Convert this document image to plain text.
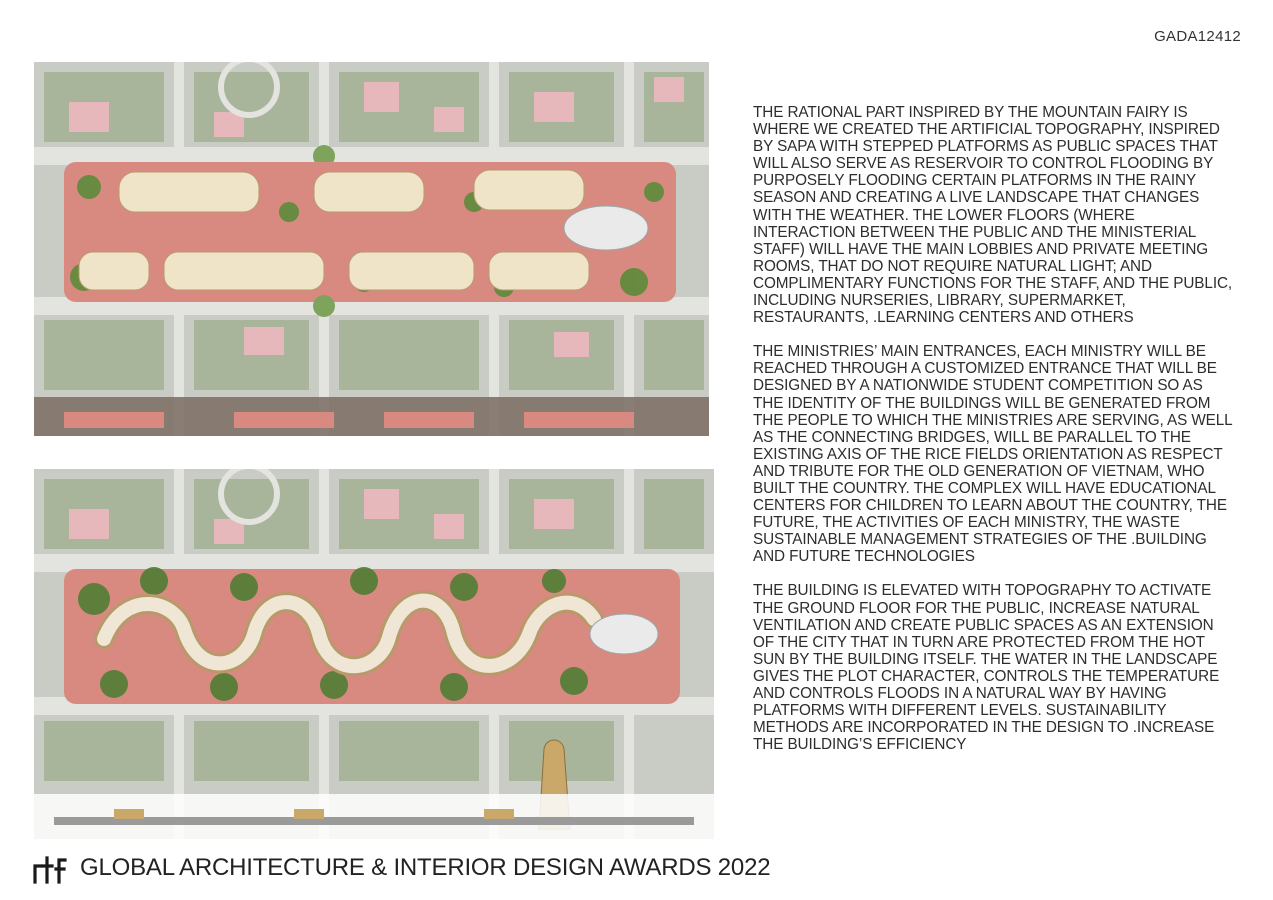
GADA12412

THE RATIONAL PART INSPIRED BY THE MOUNTAIN FAIRY IS WHERE WE CREATED THE ARTIFICIAL TOPOGRAPHY, INSPIRED BY SAPA WITH STEPPED PLATFORMS AS PUBLIC SPACES THAT WILL ALSO SERVE AS RESERVOIR TO CONTROL FLOODING BY PURPOSELY FLOODING CERTAIN PLATFORMS IN THE RAINY SEASON AND CREATING A LIVE LANDSCAPE THAT CHANGES WITH THE WEATHER. THE LOWER FLOORS (WHERE INTERACTION BETWEEN THE PUBLIC AND THE MINISTERIAL STAFF) WILL HAVE THE MAIN LOBBIES AND PRIVATE MEETING ROOMS, THAT DO NOT REQUIRE NATURAL LIGHT; AND COMPLIMENTARY FUNCTIONS FOR THE STAFF, AND THE PUBLIC, INCLUDING NURSERIES, LIBRARY, SUPERMARKET, RESTAURANTS, .LEARNING CENTERS AND OTHERS

THE MINISTRIES’ MAIN ENTRANCES, EACH MINISTRY WILL BE REACHED THROUGH A CUSTOMIZED ENTRANCE THAT WILL BE DESIGNED BY A NATIONWIDE STUDENT COMPETITION SO AS THE IDENTITY OF THE BUILDINGS WILL BE GENERATED FROM THE PEOPLE TO WHICH THE MINISTRIES ARE SERVING, AS WELL AS THE CONNECTING BRIDGES, WILL BE PARALLEL TO THE EXISTING AXIS OF THE RICE FIELDS ORIENTATION AS RESPECT AND TRIBUTE FOR THE OLD GENERATION OF VIETNAM, WHO BUILT THE COUNTRY. THE COMPLEX WILL HAVE EDUCATIONAL CENTERS FOR CHILDREN TO LEARN ABOUT THE COUNTRY, THE FUTURE, THE ACTIVITIES OF EACH MINISTRY, THE WASTE SUSTAINABLE MANAGEMENT STRATEGIES OF THE .BUILDING AND FUTURE TECHNOLOGIES

THE BUILDING IS ELEVATED WITH TOPOGRAPHY TO ACTIVATE THE GROUND FLOOR FOR THE PUBLIC, INCREASE NATURAL VENTILATION AND CREATE PUBLIC SPACES AS AN EXTENSION OF THE CITY THAT IN TURN ARE PROTECTED FROM THE HOT SUN BY THE BUILDING ITSELF. THE WATER IN THE LANDSCAPE GIVES THE PLOT CHARACTER, CONTROLS THE TEMPERATURE AND CONTROLS FLOODS IN A NATURAL WAY BY HAVING PLATFORMS WITH DIFFERENT LEVELS. SUSTAINABILITY METHODS ARE INCORPORATED IN THE DESIGN TO .INCREASE THE BUILDING’S EFFICIENCY

GLOBAL ARCHITECTURE & INTERIOR DESIGN AWARDS 2022
